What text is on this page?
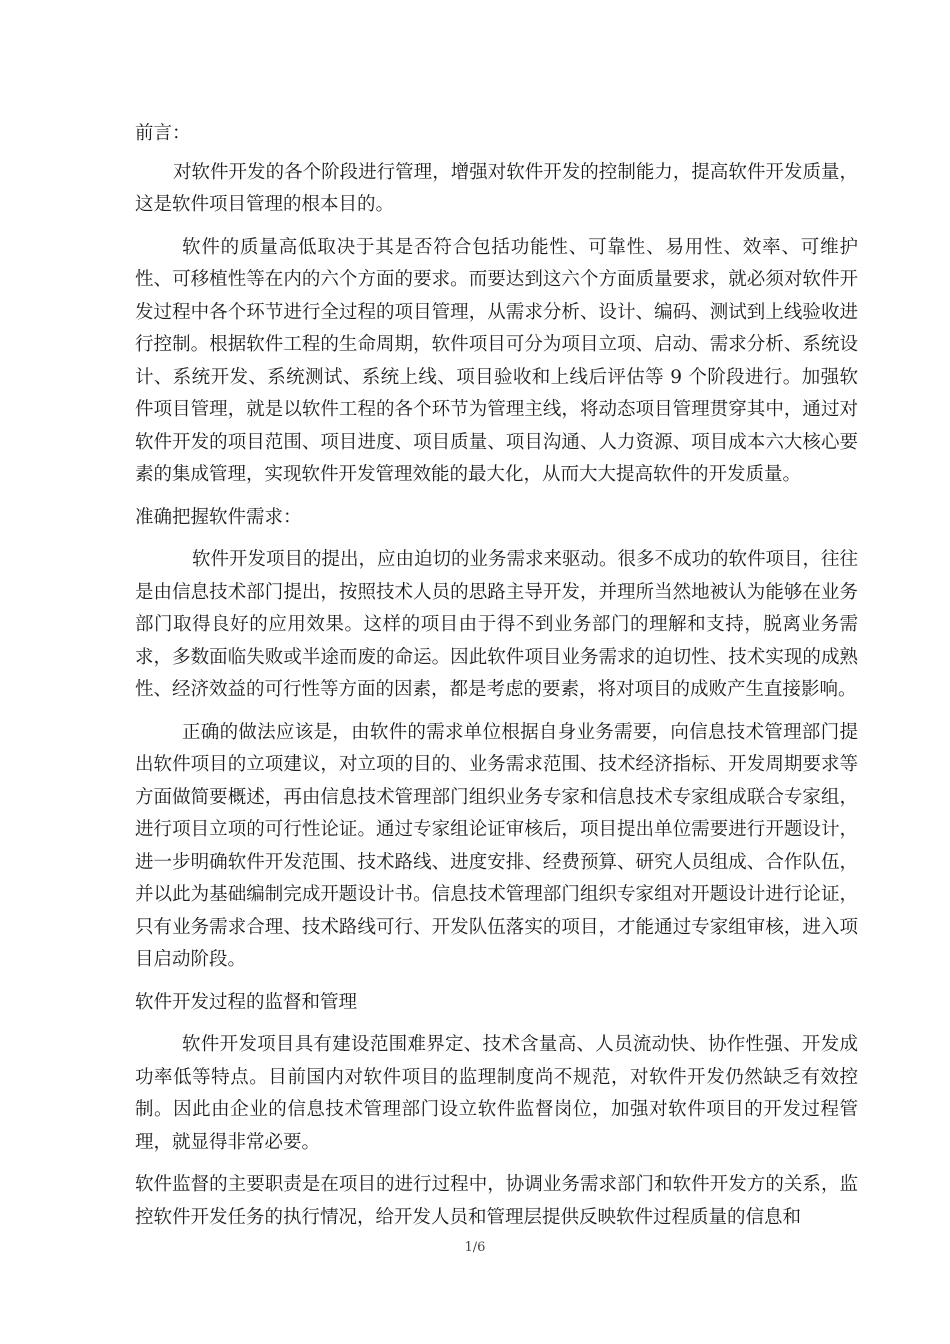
前言：

对软件开发的各个阶段进行管理，增强对软件开发的控制能力，提高软件开发质量，这是软件项目管理的根本目的。

软件的质量高低取决于其是否符合包括功能性、可靠性、易用性、效率、可维护性、可移植性等在内的六个方面的要求。而要达到这六个方面质量要求，就必须对软件开发过程中各个环节进行全过程的项目管理，从需求分析、设计、编码、测试到上线验收进行控制。根据软件工程的生命周期，软件项目可分为项目立项、启动、需求分析、系统设计、系统开发、系统测试、系统上线、项目验收和上线后评估等 9 个阶段进行。加强软件项目管理，就是以软件工程的各个环节为管理主线，将动态项目管理贯穿其中，通过对软件开发的项目范围、项目进度、项目质量、项目沟通、人力资源、项目成本六大核心要素的集成管理，实现软件开发管理效能的最大化，从而大大提高软件的开发质量。

准确把握软件需求：

软件开发项目的提出，应由迫切的业务需求来驱动。很多不成功的软件项目，往往是由信息技术部门提出，按照技术人员的思路主导开发，并理所当然地被认为能够在业务部门取得良好的应用效果。这样的项目由于得不到业务部门的理解和支持，脱离业务需求，多数面临失败或半途而废的命运。因此软件项目业务需求的迫切性、技术实现的成熟性、经济效益的可行性等方面的因素，都是考虑的要素，将对项目的成败产生直接影响。

正确的做法应该是，由软件的需求单位根据自身业务需要，向信息技术管理部门提出软件项目的立项建议，对立项的目的、业务需求范围、技术经济指标、开发周期要求等方面做简要概述，再由信息技术管理部门组织业务专家和信息技术专家组成联合专家组，进行项目立项的可行性论证。通过专家组论证审核后，项目提出单位需要进行开题设计，进一步明确软件开发范围、技术路线、进度安排、经费预算、研究人员组成、合作队伍，并以此为基础编制完成开题设计书。信息技术管理部门组织专家组对开题设计进行论证，只有业务需求合理、技术路线可行、开发队伍落实的项目，才能通过专家组审核，进入项目启动阶段。

软件开发过程的监督和管理

软件开发项目具有建设范围难界定、技术含量高、人员流动快、协作性强、开发成功率低等特点。目前国内对软件项目的监理制度尚不规范，对软件开发仍然缺乏有效控制。因此由企业的信息技术管理部门设立软件监督岗位，加强对软件项目的开发过程管理，就显得非常必要。

软件监督的主要职责是在项目的进行过程中，协调业务需求部门和软件开发方的关系，监控软件开发任务的执行情况，给开发人员和管理层提供反映软件过程质量的信息和

1/6
